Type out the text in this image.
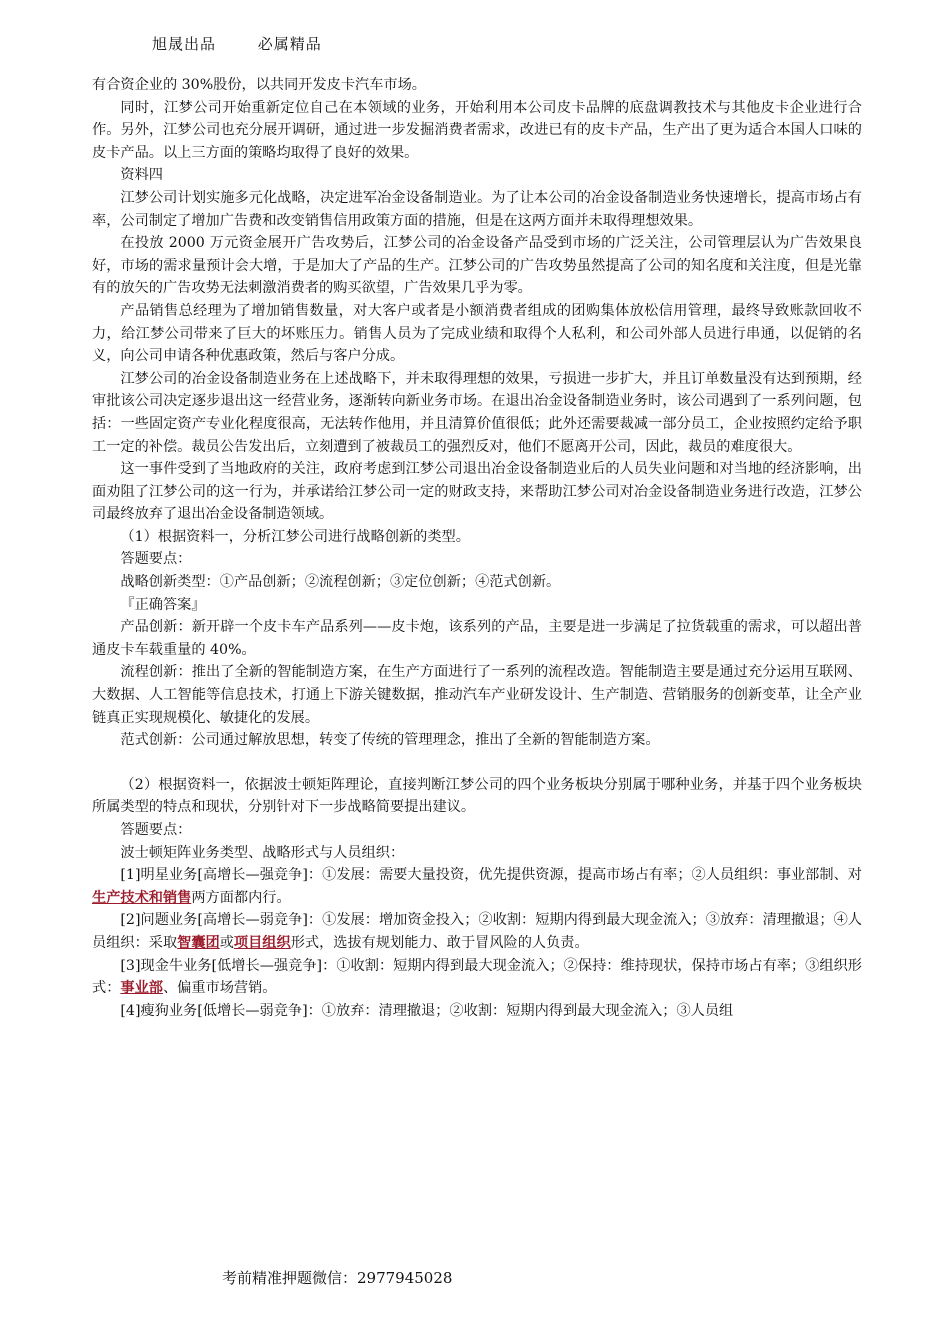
旭晟出品	必属精品

有合资企业的 30%股份，以共同开发皮卡汽车市场。

同时，江梦公司开始重新定位自己在本领域的业务，开始利用本公司皮卡品牌的底盘调教技术与其他皮卡企业进行合作。另外，江梦公司也充分展开调研，通过进一步发掘消费者需求，改进已有的皮卡产品，生产出了更为适合本国人口味的皮卡产品。以上三方面的策略均取得了良好的效果。

资料四

江梦公司计划实施多元化战略，决定进军冶金设备制造业。为了让本公司的冶金设备制造业务快速增长，提高市场占有率，公司制定了增加广告费和改变销售信用政策方面的措施，但是在这两方面并未取得理想效果。

在投放 2000 万元资金展开广告攻势后，江梦公司的冶金设备产品受到市场的广泛关注，公司管理层认为广告效果良好，市场的需求量预计会大增，于是加大了产品的生产。江梦公司的广告攻势虽然提高了公司的知名度和关注度，但是光靠有的放矢的广告攻势无法刺激消费者的购买欲望，广告效果几乎为零。

产品销售总经理为了增加销售数量，对大客户或者是小额消费者组成的团购集体放松信用管理，最终导致账款回收不力，给江梦公司带来了巨大的坏账压力。销售人员为了完成业绩和取得个人私利，和公司外部人员进行串通，以促销的名义，向公司申请各种优惠政策，然后与客户分成。

江梦公司的冶金设备制造业务在上述战略下，并未取得理想的效果，亏损进一步扩大，并且订单数量没有达到预期，经审批该公司决定逐步退出这一经营业务，逐渐转向新业务市场。在退出冶金设备制造业务时，该公司遇到了一系列问题，包括：一些固定资产专业化程度很高，无法转作他用，并且清算价值很低；此外还需要裁减一部分员工，企业按照约定给予职工一定的补偿。裁员公告发出后，立刻遭到了被裁员工的强烈反对，他们不愿离开公司，因此，裁员的难度很大。

这一事件受到了当地政府的关注，政府考虑到江梦公司退出冶金设备制造业后的人员失业问题和对当地的经济影响，出面劝阻了江梦公司的这一行为，并承诺给江梦公司一定的财政支持，来帮助江梦公司对冶金设备制造业务进行改造，江梦公司最终放弃了退出冶金设备制造领域。

（1）根据资料一，分析江梦公司进行战略创新的类型。

答题要点：

战略创新类型：①产品创新；②流程创新；③定位创新；④范式创新。

『正确答案』

产品创新：新开辟一个皮卡车产品系列——皮卡炮，该系列的产品，主要是进一步满足了拉货载重的需求，可以超出普通皮卡车载重量的 40%。

流程创新：推出了全新的智能制造方案，在生产方面进行了一系列的流程改造。智能制造主要是通过充分运用互联网、大数据、人工智能等信息技术，打通上下游关键数据，推动汽车产业研发设计、生产制造、营销服务的创新变革，让全产业链真正实现规模化、敏捷化的发展。

范式创新：公司通过解放思想，转变了传统的管理理念，推出了全新的智能制造方案。

（2）根据资料一，依据波士顿矩阵理论，直接判断江梦公司的四个业务板块分别属于哪种业务，并基于四个业务板块所属类型的特点和现状，分别针对下一步战略简要提出建议。

答题要点：

波士顿矩阵业务类型、战略形式与人员组织：

[1]明星业务[高增长—强竞争]：①发展：需要大量投资，优先提供资源，提高市场占有率；②人员组织：事业部制、对生产技术和销售两方面都内行。

[2]问题业务[高增长—弱竞争]：①发展：增加资金投入；②收割：短期内得到最大现金流入；③放弃：清理撤退；④人员组织：采取智囊团或项目组织形式，选拔有规划能力、敢于冒风险的人负责。

[3]现金牛业务[低增长—强竞争]：①收割：短期内得到最大现金流入；②保持：维持现状，保持市场占有率；③组织形式：事业部、偏重市场营销。

[4]瘦狗业务[低增长—弱竞争]：①放弃：清理撤退；②收割：短期内得到最大现金流入；③人员组

考前精准押题微信：2977945028
